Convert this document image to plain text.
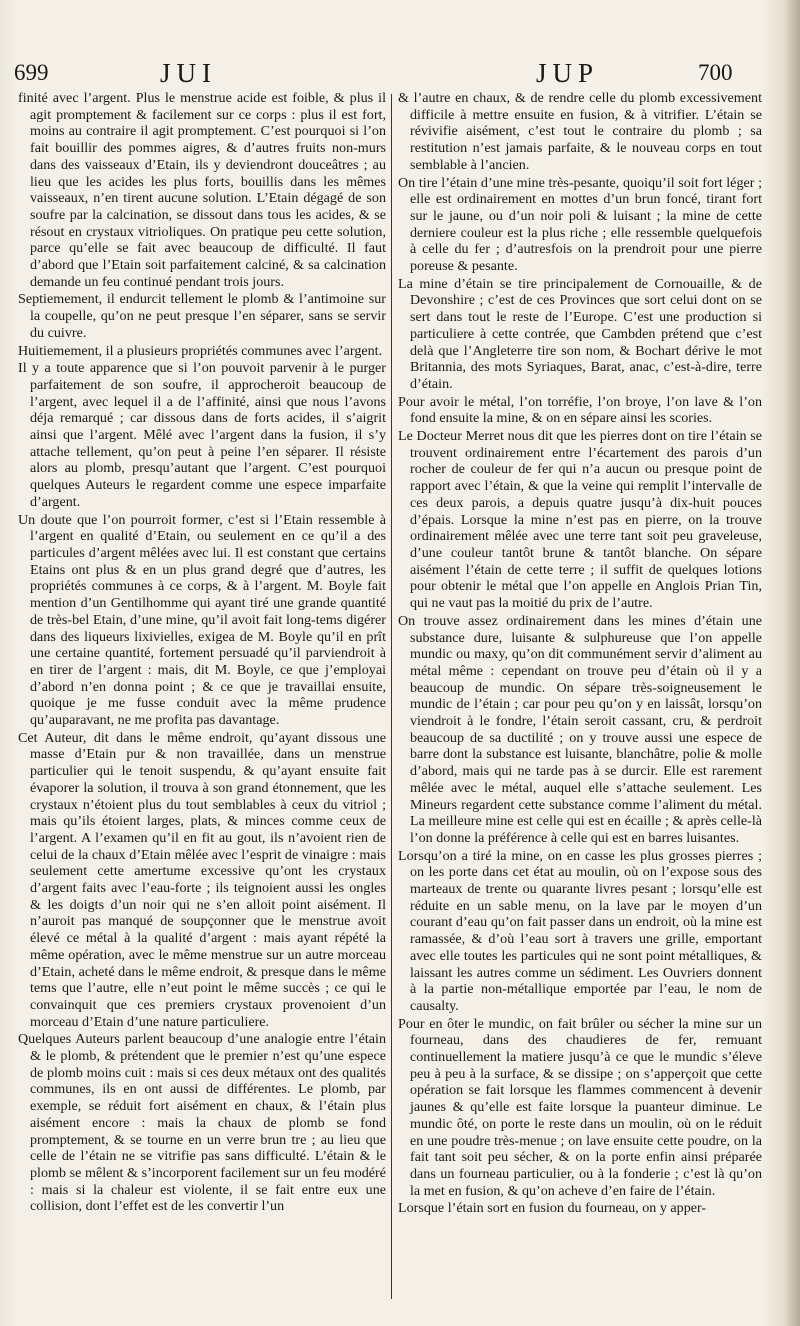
699	JUI	JUP	700

finité avec l’argent. Plus le menstrue acide est foible, & plus il agit promptement & facilement sur ce corps : plus il est fort, moins au contraire il agit promptement. C’est pourquoi si l’on fait bouillir des pommes aigres, & d’autres fruits non-murs dans des vaisseaux d’Etain, ils y deviendront douceâtres ; au lieu que les acides les plus forts, bouillis dans les mêmes vaisseaux, n’en tirent aucune solution. L’Etain dégagé de son soufre par la calcination, se dissout dans tous les acides, & se résout en crystaux vitrioliques. On pratique peu cette solution, parce qu’elle se fait avec beaucoup de difficulté. Il faut d’abord que l’Etain soit parfaitement calciné, & sa calcination demande un feu continué pendant trois jours.

Septiemement, il endurcit tellement le plomb & l’antimoine sur la coupelle, qu’on ne peut presque l’en séparer, sans se servir du cuivre.

Huitiemement, il a plusieurs propriétés communes avec l’argent.

Il y a toute apparence que si l’on pouvoit parvenir à le purger parfaitement de son soufre, il approcheroit beaucoup de l’argent, avec lequel il a de l’affinité, ainsi que nous l’avons déja remarqué ; car dissous dans de forts acides, il s’aigrit ainsi que l’argent. Mêlé avec l’argent dans la fusion, il s’y attache tellement, qu’on peut à peine l’en séparer. Il résiste alors au plomb, presqu’autant que l’argent. C’est pourquoi quelques Auteurs le regardent comme une espece imparfaite d’argent.

Un doute que l’on pourroit former, c’est si l’Etain ressemble à l’argent en qualité d’Etain, ou seulement en ce qu’il a des particules d’argent mêlées avec lui. Il est constant que certains Etains ont plus & en un plus grand degré que d’autres, les propriétés communes à ce corps, & à l’argent. M. Boyle fait mention d’un Gentilhomme qui ayant tiré une grande quantité de très-bel Etain, d’une mine, qu’il avoit fait long-tems digérer dans des liqueurs lixivielles, exigea de M. Boyle qu’il en prît une certaine quantité, fortement persuadé qu’il parviendroit à en tirer de l’argent : mais, dit M. Boyle, ce que j’employai d’abord n’en donna point ; & ce que je travaillai ensuite, quoique je me fusse conduit avec la même prudence qu’auparavant, ne me profita pas davantage.

Cet Auteur, dit dans le même endroit, qu’ayant dissous une masse d’Etain pur & non travaillée, dans un menstrue particulier qui le tenoit suspendu, & qu’ayant ensuite fait évaporer la solution, il trouva à son grand étonnement, que les crystaux n’étoient plus du tout semblables à ceux du vitriol ; mais qu’ils étoient larges, plats, & minces comme ceux de l’argent. A l’examen qu’il en fit au gout, ils n’avoient rien de celui de la chaux d’Etain mêlée avec l’esprit de vinaigre : mais seulement cette amertume excessive qu’ont les crystaux d’argent faits avec l’eau-forte ; ils teignoient aussi les ongles & les doigts d’un noir qui ne s’en alloit point aisément. Il n’auroit pas manqué de soupçonner que le menstrue avoit élevé ce métal à la qualité d’argent : mais ayant répété la même opération, avec le même menstrue sur un autre morceau d’Etain, acheté dans le même endroit, & presque dans le même tems que l’autre, elle n’eut point le même succès ; ce qui le convainquit que ces premiers crystaux provenoient d’un morceau d’Etain d’une nature particuliere.

Quelques Auteurs parlent beaucoup d’une analogie entre l’étain & le plomb, & prétendent que le premier n’est qu’une espece de plomb moins cuit : mais si ces deux métaux ont des qualités communes, ils en ont aussi de différentes. Le plomb, par exemple, se réduit fort aisément en chaux, & l’étain plus aisément encore : mais la chaux de plomb se fond promptement, & se tourne en un verre brun tre ; au lieu que celle de l’étain ne se vitrifie pas sans difficulté. L’étain & le plomb se mêlent & s’incorporent facilement sur un feu modéré : mais si la chaleur est violente, il se fait entre eux une collision, dont l’effet est de les convertir l’un

& l’autre en chaux, & de rendre celle du plomb excessivement difficile à mettre ensuite en fusion, & à vitrifier. L’étain se révivifie aisément, c’est tout le contraire du plomb ; sa restitution n’est jamais parfaite, & le nouveau corps en tout semblable à l’ancien.

On tire l’étain d’une mine très-pesante, quoiqu’il soit fort léger ; elle est ordinairement en mottes d’un brun foncé, tirant fort sur le jaune, ou d’un noir poli & luisant ; la mine de cette derniere couleur est la plus riche ; elle ressemble quelquefois à celle du fer ; d’autresfois on la prendroit pour une pierre poreuse & pesante.

La mine d’étain se tire principalement de Cornouaille, & de Devonshire ; c’est de ces Provinces que sort celui dont on se sert dans tout le reste de l’Europe. C’est une production si particuliere à cette contrée, que Cambden prétend que c’est delà que l’Angleterre tire son nom, & Bochart dérive le mot Britannia, des mots Syriaques, Barat, anac, c’est-à-dire, terre d’étain.

Pour avoir le métal, l’on torréfie, l’on broye, l’on lave & l’on fond ensuite la mine, & on en sépare ainsi les scories.

Le Docteur Merret nous dit que les pierres dont on tire l’étain se trouvent ordinairement entre l’écartement des parois d’un rocher de couleur de fer qui n’a aucun ou presque point de rapport avec l’étain, & que la veine qui remplit l’intervalle de ces deux parois, a depuis quatre jusqu’à dix-huit pouces d’épais. Lorsque la mine n’est pas en pierre, on la trouve ordinairement mêlée avec une terre tant soit peu graveleuse, d’une couleur tantôt brune & tantôt blanche. On sépare aisément l’étain de cette terre ; il suffit de quelques lotions pour obtenir le métal que l’on appelle en Anglois Prian Tin, qui ne vaut pas la moitié du prix de l’autre.

On trouve assez ordinairement dans les mines d’étain une substance dure, luisante & sulphureuse que l’on appelle mundic ou maxy, qu’on dit communément servir d’aliment au métal même : cependant on trouve peu d’étain où il y a beaucoup de mundic. On sépare très-soigneusement le mundic de l’étain ; car pour peu qu’on y en laissât, lorsqu’on viendroit à le fondre, l’étain seroit cassant, cru, & perdroit beaucoup de sa ductilité ; on y trouve aussi une espece de barre dont la substance est luisante, blanchâtre, polie & molle d’abord, mais qui ne tarde pas à se durcir. Elle est rarement mêlée avec le métal, auquel elle s’attache seulement. Les Mineurs regardent cette substance comme l’aliment du métal. La meilleure mine est celle qui est en écaille ; & après celle-là l’on donne la préférence à celle qui est en barres luisantes.

Lorsqu’on a tiré la mine, on en casse les plus grosses pierres ; on les porte dans cet état au moulin, où on l’expose sous des marteaux de trente ou quarante livres pesant ; lorsqu’elle est réduite en un sable menu, on la lave par le moyen d’un courant d’eau qu’on fait passer dans un endroit, où la mine est ramassée, & d’où l’eau sort à travers une grille, emportant avec elle toutes les particules qui ne sont point métalliques, & laissant les autres comme un sédiment. Les Ouvriers donnent à la partie non-métallique emportée par l’eau, le nom de causalty.

Pour en ôter le mundic, on fait brûler ou sécher la mine sur un fourneau, dans des chaudieres de fer, remuant continuellement la matiere jusqu’à ce que le mundic s’éleve peu à peu à la surface, & se dissipe ; on s’apperçoit que cette opération se fait lorsque les flammes commencent à devenir jaunes & qu’elle est faite lorsque la puanteur diminue. Le mundic ôté, on porte le reste dans un moulin, où on le réduit en une poudre très-menue ; on lave ensuite cette poudre, on la fait tant soit peu sécher, & on la porte enfin ainsi préparée dans un fourneau particulier, ou à la fonderie ; c’est là qu’on la met en fusion, & qu’on acheve d’en faire de l’étain.

Lorsque l’étain sort en fusion du fourneau, on y apper-
